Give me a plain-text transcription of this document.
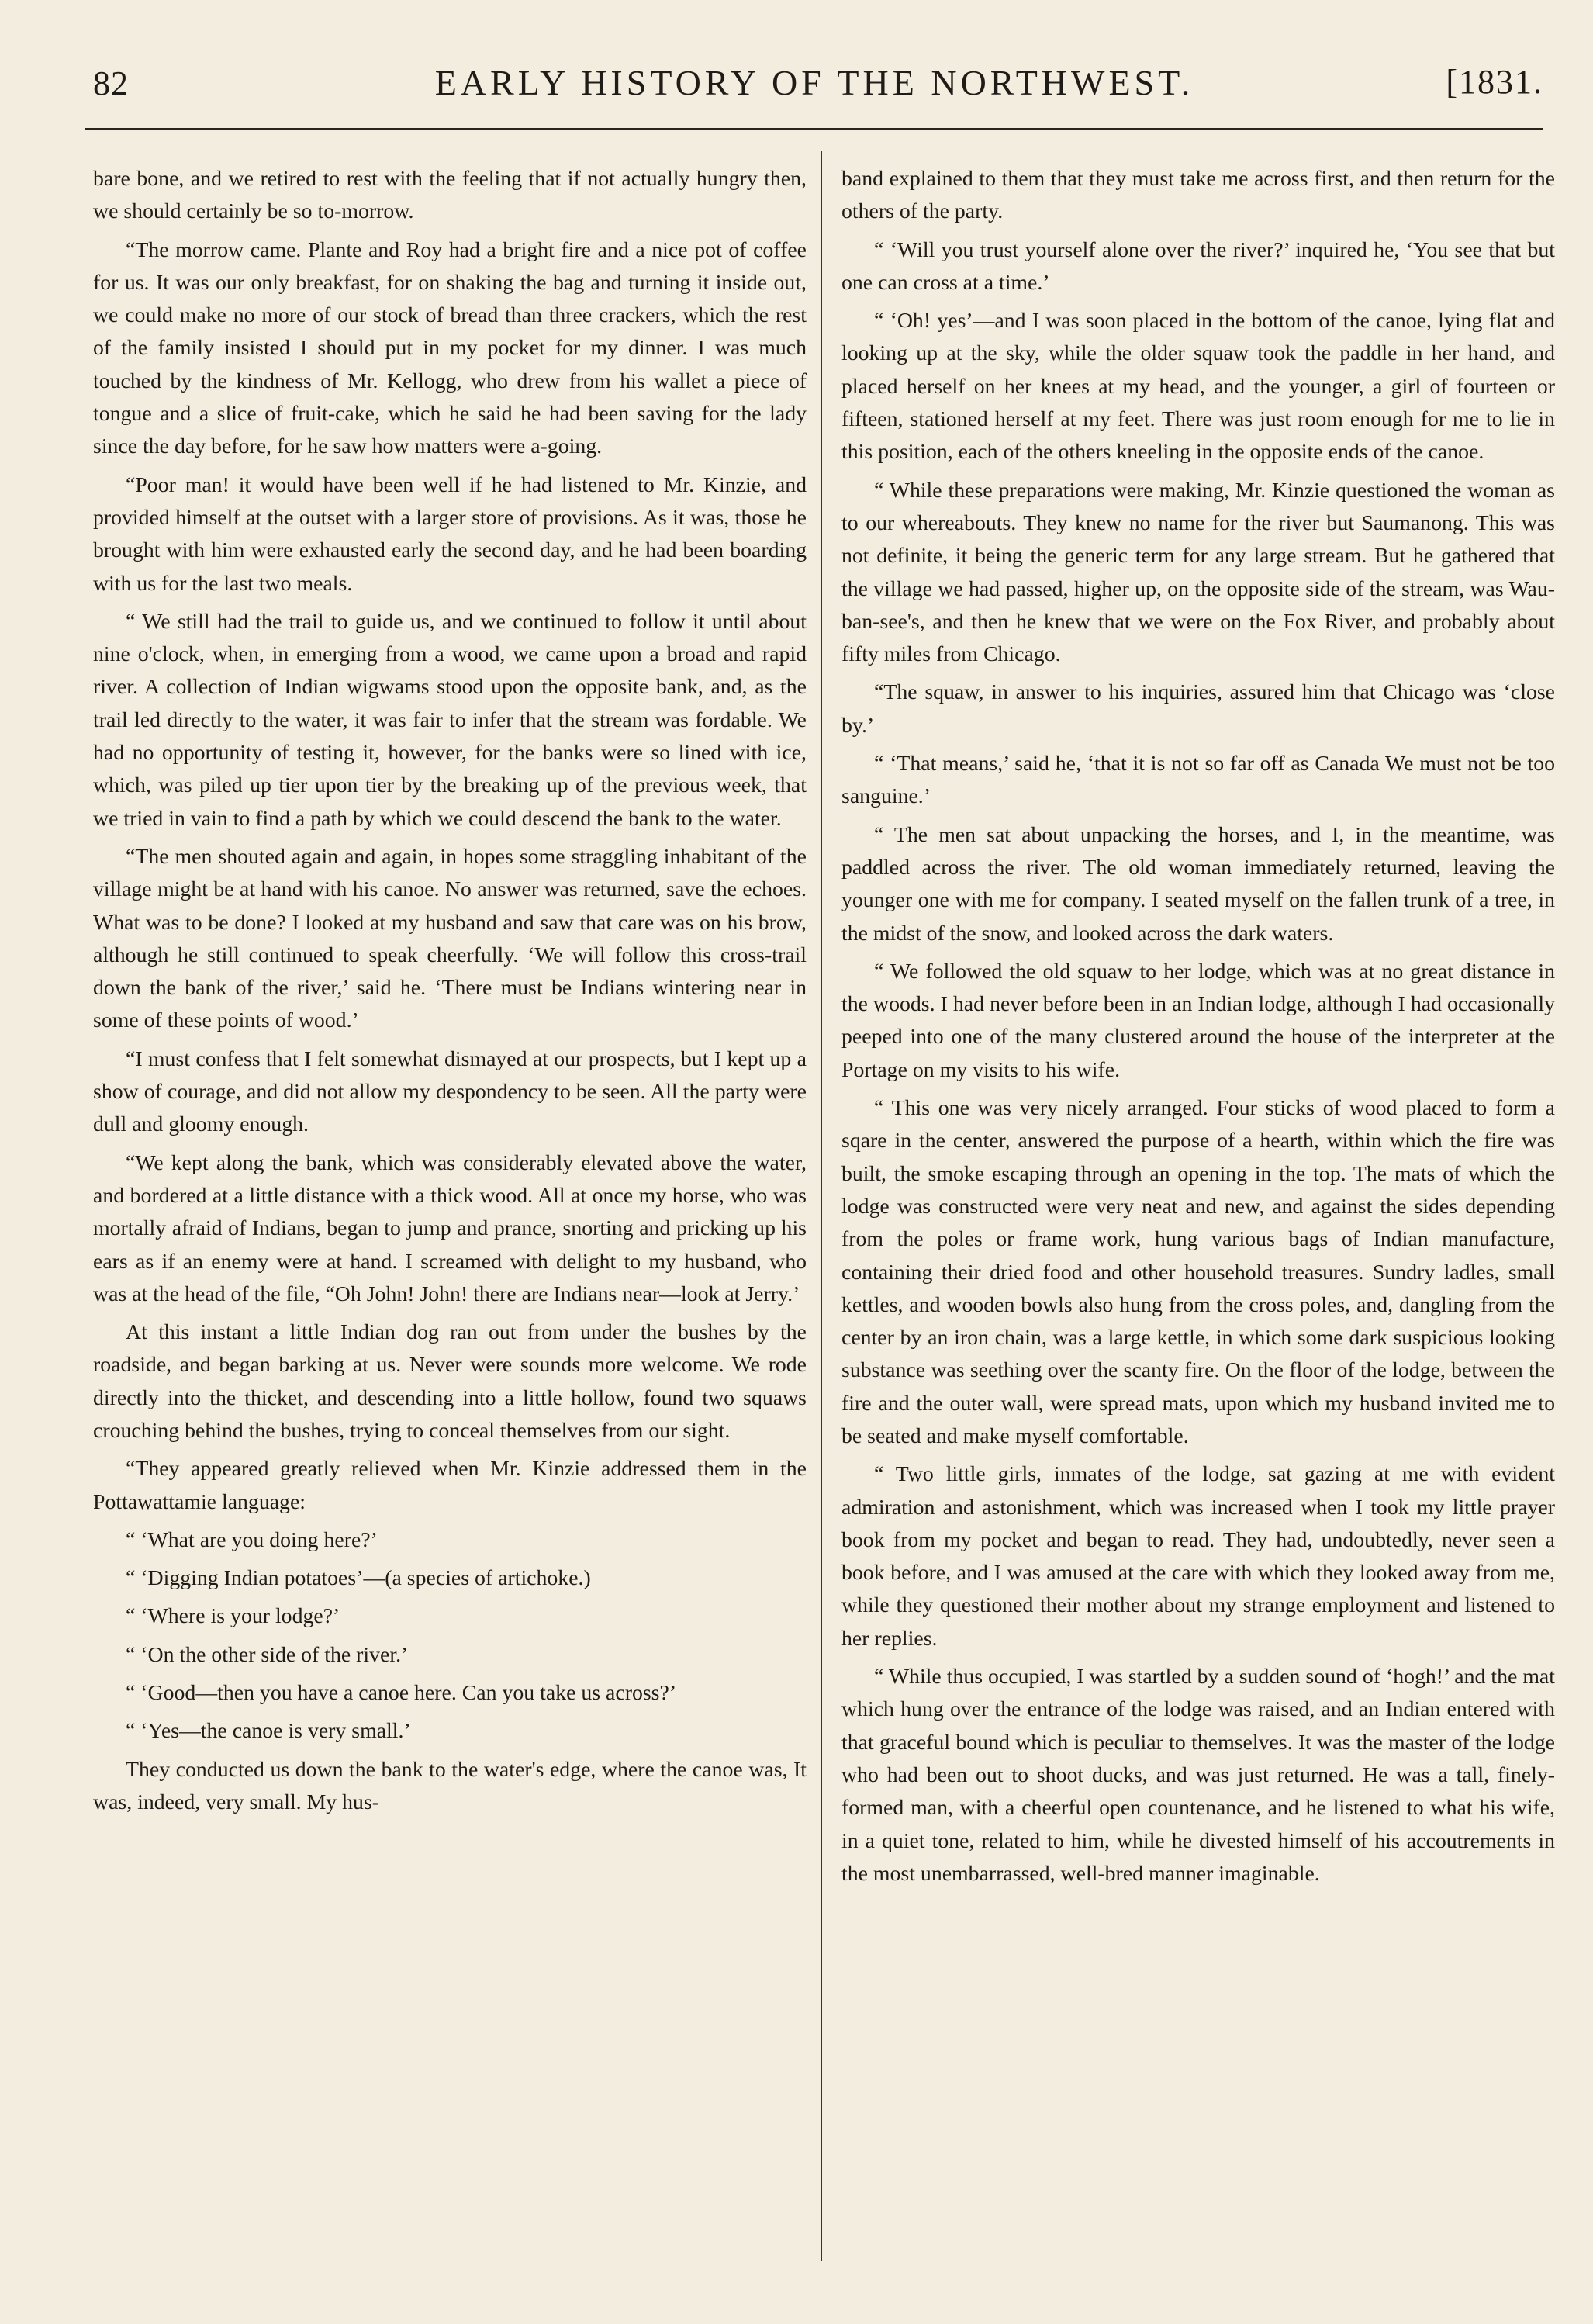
82	EARLY HISTORY OF THE NORTHWEST.	[1831.

bare bone, and we retired to rest with the feeling that if not actually hungry then, we should certainly be so to-morrow.

“The morrow came. Plante and Roy had a bright fire and a nice pot of coffee for us. It was our only breakfast, for on shaking the bag and turning it inside out, we could make no more of our stock of bread than three crackers, which the rest of the family insisted I should put in my pocket for my dinner. I was much touched by the kindness of Mr. Kellogg, who drew from his wallet a piece of tongue and a slice of fruit-cake, which he said he had been saving for the lady since the day before, for he saw how matters were a-going.

“Poor man! it would have been well if he had listened to Mr. Kinzie, and provided himself at the outset with a larger store of provisions. As it was, those he brought with him were exhausted early the second day, and he had been boarding with us for the last two meals.

“ We still had the trail to guide us, and we continued to follow it until about nine o'clock, when, in emerging from a wood, we came upon a broad and rapid river. A collection of Indian wigwams stood upon the opposite bank, and, as the trail led directly to the water, it was fair to infer that the stream was fordable. We had no opportunity of testing it, however, for the banks were so lined with ice, which, was piled up tier upon tier by the breaking up of the previous week, that we tried in vain to find a path by which we could descend the bank to the water.

“The men shouted again and again, in hopes some straggling inhabitant of the village might be at hand with his canoe. No answer was returned, save the echoes. What was to be done? I looked at my husband and saw that care was on his brow, although he still continued to speak cheerfully. ‘We will follow this cross-trail down the bank of the river,’ said he. ‘There must be Indians wintering near in some of these points of wood.’

“I must confess that I felt somewhat dismayed at our prospects, but I kept up a show of courage, and did not allow my despondency to be seen. All the party were dull and gloomy enough.

“We kept along the bank, which was considerably elevated above the water, and bordered at a little distance with a thick wood. All at once my horse, who was mortally afraid of Indians, began to jump and prance, snorting and pricking up his ears as if an enemy were at hand. I screamed with delight to my husband, who was at the head of the file, “Oh John! John! there are Indians near—look at Jerry.’

At this instant a little Indian dog ran out from under the bushes by the roadside, and began barking at us. Never were sounds more welcome. We rode directly into the thicket, and descending into a little hollow, found two squaws crouching behind the bushes, trying to conceal themselves from our sight.

“They appeared greatly relieved when Mr. Kinzie addressed them in the Pottawattamie language:

“ ‘What are you doing here?’

“ ‘Digging Indian potatoes’—(a species of artichoke.)

“ ‘Where is your lodge?’

“ ‘On the other side of the river.’

“ ‘Good—then you have a canoe here. Can you take us across?’

“ ‘Yes—the canoe is very small.’

They conducted us down the bank to the water's edge, where the canoe was, It was, indeed, very small. My hus-

band explained to them that they must take me across first, and then return for the others of the party.

“ ‘Will you trust yourself alone over the river?’ inquired he, ‘You see that but one can cross at a time.’

“ ‘Oh! yes’—and I was soon placed in the bottom of the canoe, lying flat and looking up at the sky, while the older squaw took the paddle in her hand, and placed herself on her knees at my head, and the younger, a girl of fourteen or fifteen, stationed herself at my feet. There was just room enough for me to lie in this position, each of the others kneeling in the opposite ends of the canoe.

“ While these preparations were making, Mr. Kinzie questioned the woman as to our whereabouts. They knew no name for the river but Saumanong. This was not definite, it being the generic term for any large stream. But he gathered that the village we had passed, higher up, on the opposite side of the stream, was Wau-ban-see's, and then he knew that we were on the Fox River, and probably about fifty miles from Chicago.

“The squaw, in answer to his inquiries, assured him that Chicago was ‘close by.’

“ ‘That means,’ said he, ‘that it is not so far off as Canada We must not be too sanguine.’

“ The men sat about unpacking the horses, and I, in the meantime, was paddled across the river. The old woman immediately returned, leaving the younger one with me for company. I seated myself on the fallen trunk of a tree, in the midst of the snow, and looked across the dark waters.

“ We followed the old squaw to her lodge, which was at no great distance in the woods. I had never before been in an Indian lodge, although I had occasionally peeped into one of the many clustered around the house of the interpreter at the Portage on my visits to his wife.

“ This one was very nicely arranged. Four sticks of wood placed to form a sqare in the center, answered the purpose of a hearth, within which the fire was built, the smoke escaping through an opening in the top. The mats of which the lodge was constructed were very neat and new, and against the sides depending from the poles or frame work, hung various bags of Indian manufacture, containing their dried food and other household treasures. Sundry ladles, small kettles, and wooden bowls also hung from the cross poles, and, dangling from the center by an iron chain, was a large kettle, in which some dark suspicious looking substance was seething over the scanty fire. On the floor of the lodge, between the fire and the outer wall, were spread mats, upon which my husband invited me to be seated and make myself comfortable.

“ Two little girls, inmates of the lodge, sat gazing at me with evident admiration and astonishment, which was increased when I took my little prayer book from my pocket and began to read. They had, undoubtedly, never seen a book before, and I was amused at the care with which they looked away from me, while they questioned their mother about my strange employment and listened to her replies.

“ While thus occupied, I was startled by a sudden sound of ‘hogh!’ and the mat which hung over the entrance of the lodge was raised, and an Indian entered with that graceful bound which is peculiar to themselves. It was the master of the lodge who had been out to shoot ducks, and was just returned. He was a tall, finely-formed man, with a cheerful open countenance, and he listened to what his wife, in a quiet tone, related to him, while he divested himself of his accoutrements in the most unembarrassed, well-bred manner imaginable.
